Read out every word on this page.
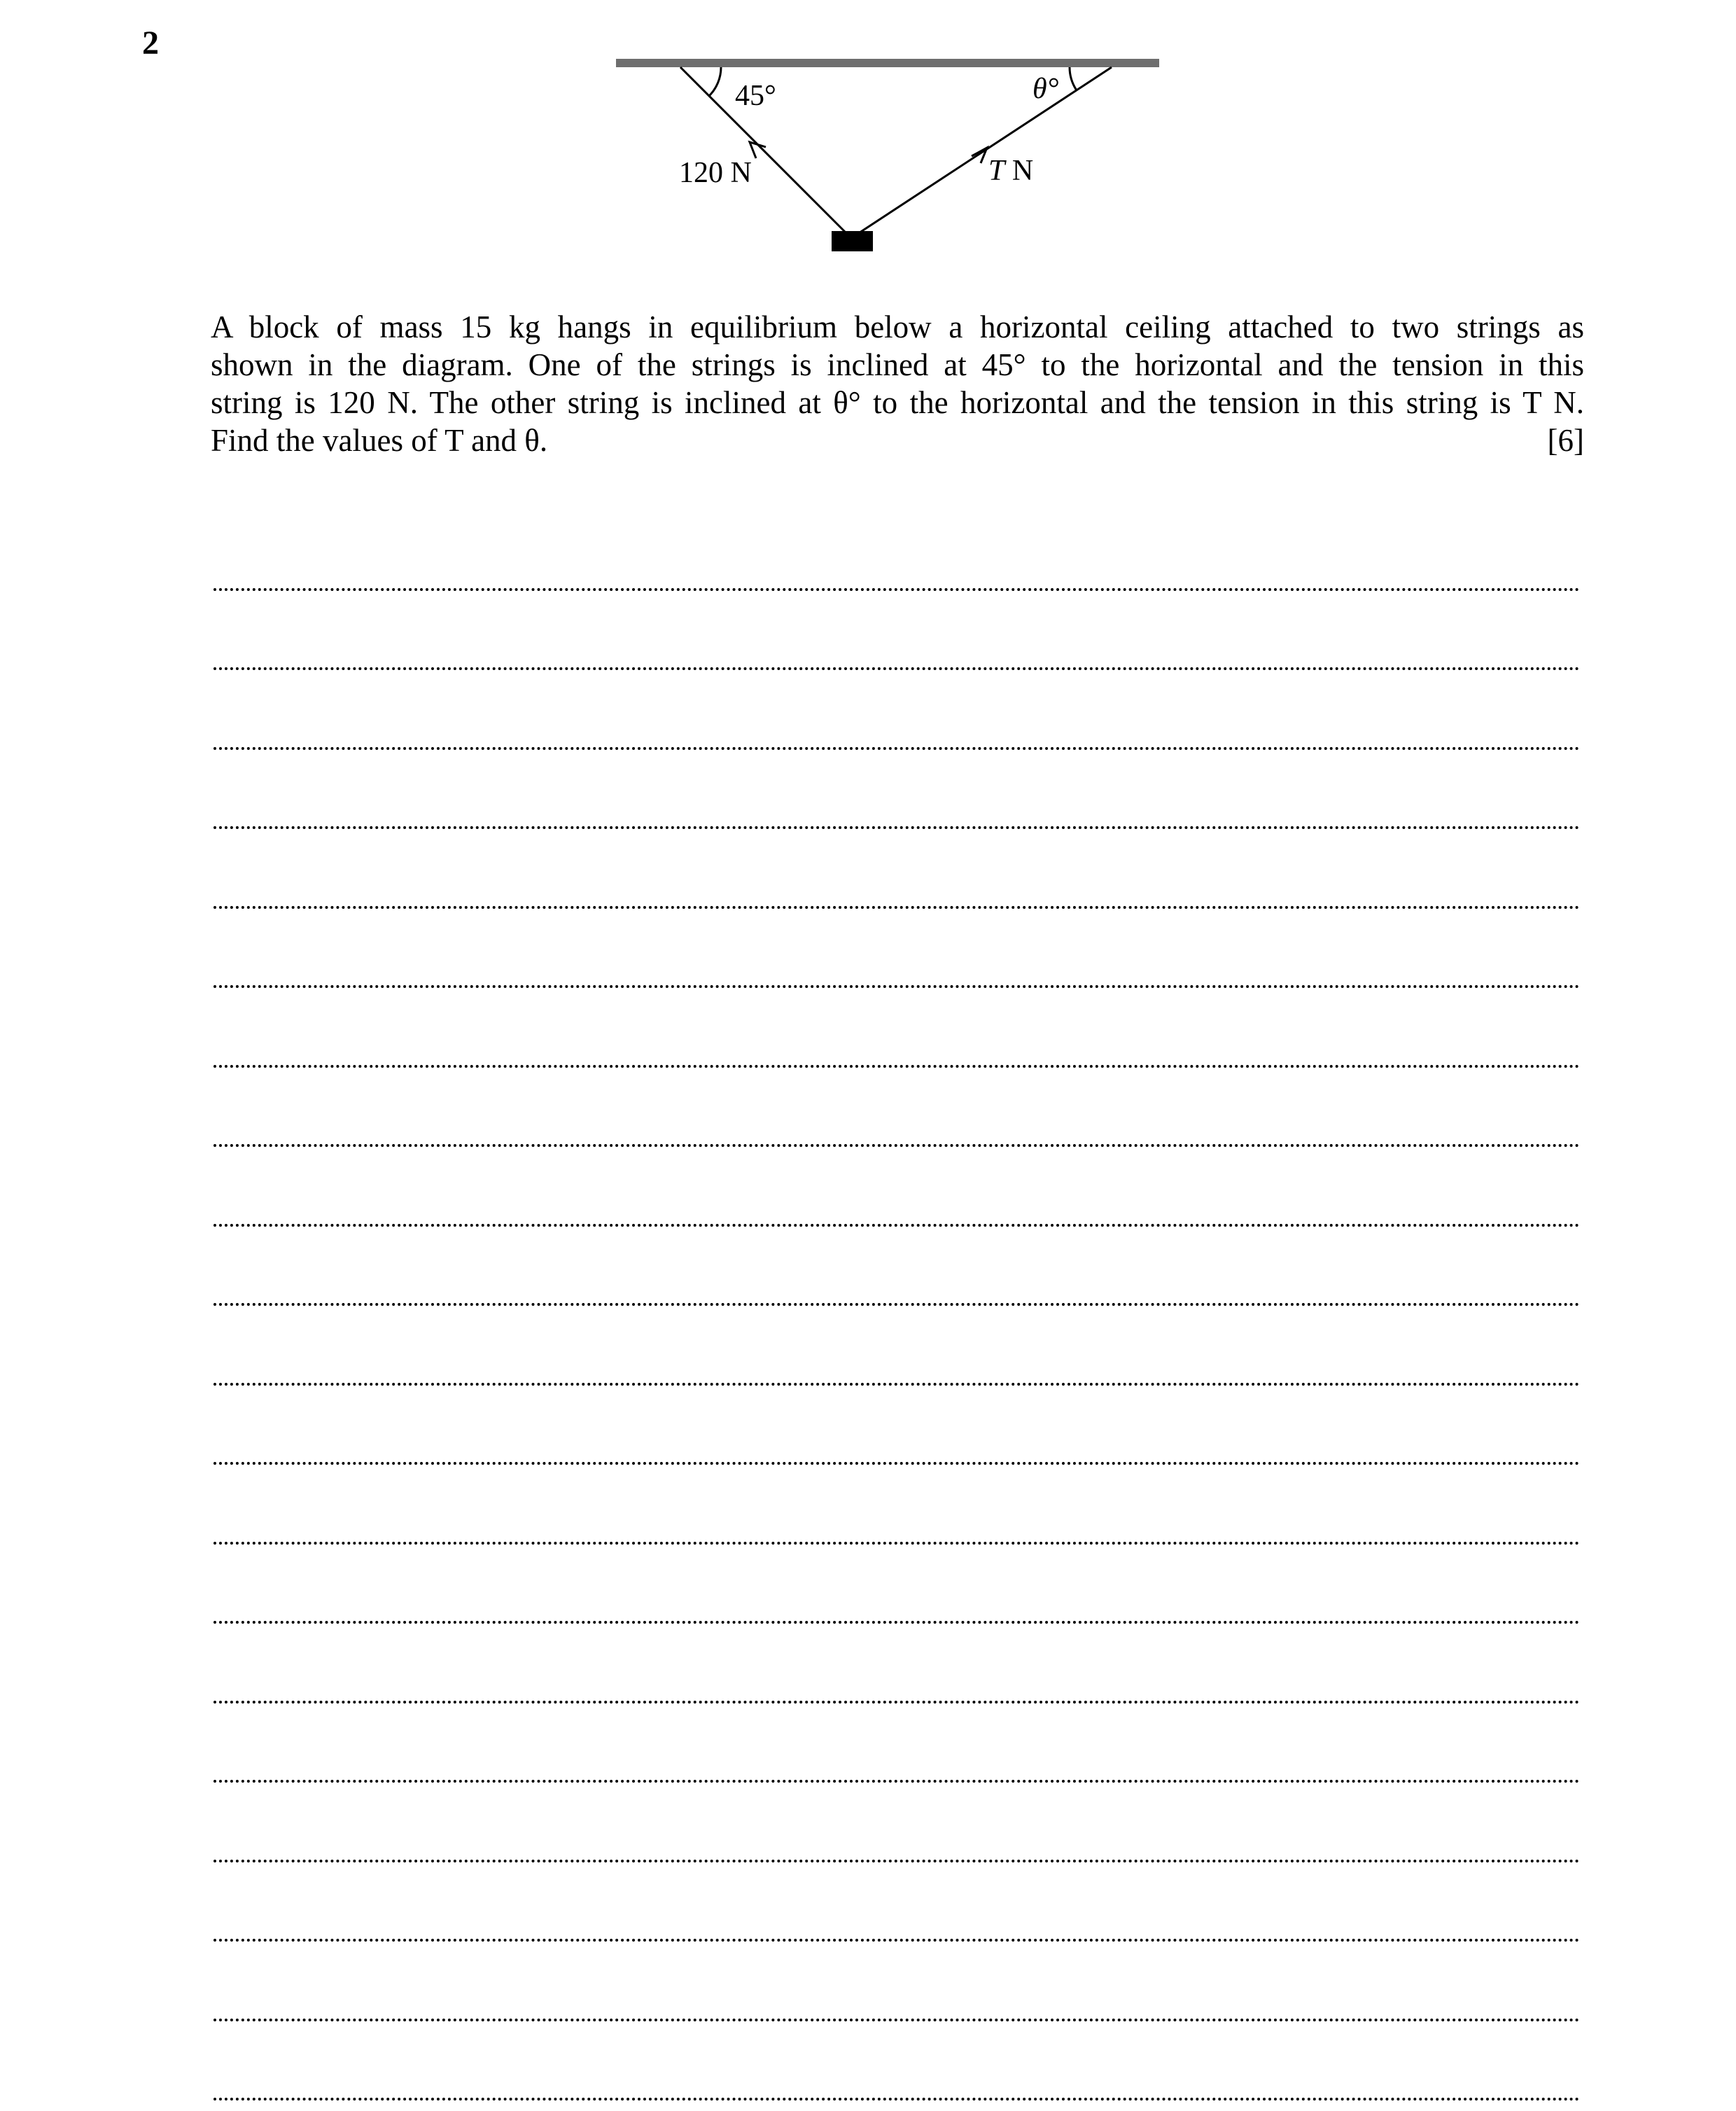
2
45°	θ°
120 N	T N

A block of mass 15 kg hangs in equilibrium below a horizontal ceiling attached to two strings as

shown in the diagram. One of the strings is inclined at 45° to the horizontal and the tension in this

string is 120 N. The other string is inclined at θ° to the horizontal and the tension in this string is T N.

Find the values of T and θ.	[6]
